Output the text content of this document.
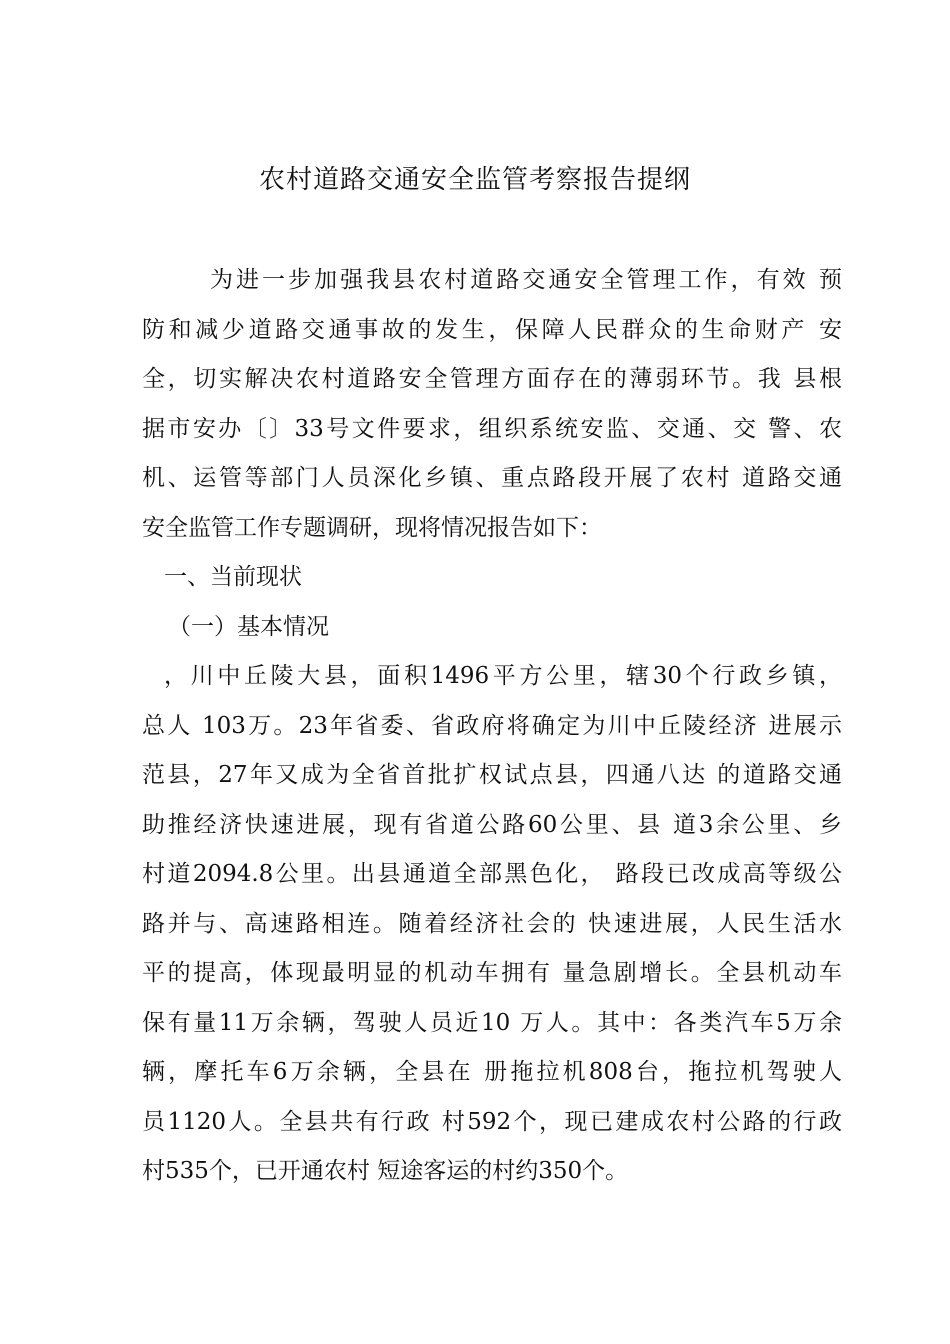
农村道路交通安全监管考察报告提纲
为进一步加强我县农村道路交通安全管理工作，有效 预
防和减少道路交通事故的发生，保障人民群众的生命财产 安
全，切实解决农村道路安全管理方面存在的薄弱环节。我 县根
据市安办〔〕33号文件要求，组织系统安监、交通、交 警、农
机、运管等部门人员深化乡镇、重点路段开展了农村 道路交通
安全监管工作专题调研，现将情况报告如下：
一、当前现状
（一）基本情况
，川中丘陵大县，面积1496平方公里，辖30个行政乡镇，
总人 103万。23年省委、省政府将确定为川中丘陵经济 进展示
范县，27年又成为全省首批扩权试点县，四通八达 的道路交通
助推经济快速进展，现有省道公路60公里、县 道3余公里、乡
村道2094.8公里。出县通道全部黑色化， 路段已改成高等级公
路并与、高速路相连。随着经济社会的 快速进展，人民生活水
平的提高，体现最明显的机动车拥有 量急剧增长。全县机动车
保有量11万余辆，驾驶人员近10 万人。其中：各类汽车5万余
辆，摩托车6万余辆，全县在 册拖拉机808台，拖拉机驾驶人
员1120人。全县共有行政 村592个，现已建成农村公路的行政
村535个，已开通农村 短途客运的村约350个。
